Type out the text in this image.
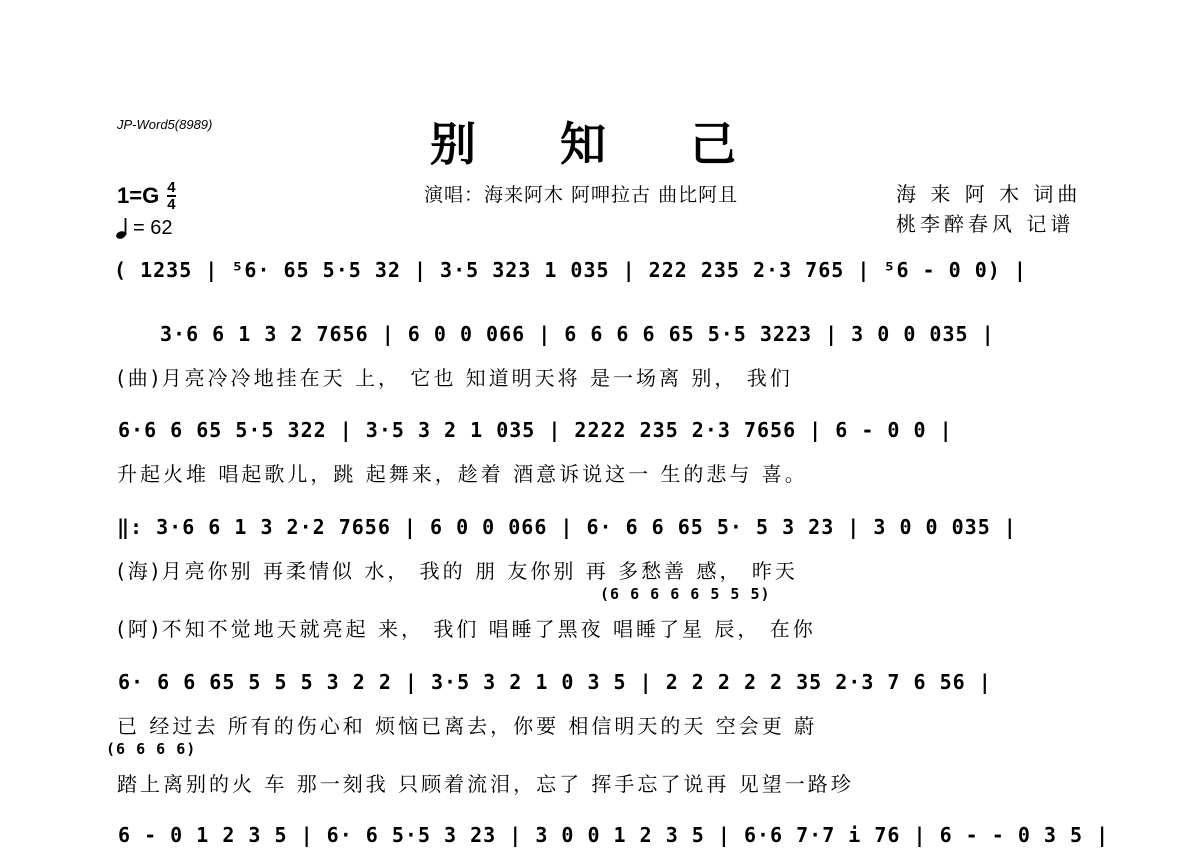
JP-Word5(8989)	别 知 己
1=G 4
4
= 62
演唱：海来阿木 阿呷拉古 曲比阿且	海 来 阿 木 词曲
桃李醉春风 记谱
( 1235 | ⁵6· 65 5·5 32 | 3·5 323 1 035 | 222 235 2·3 765 | ⁵6 - 0 0) |
3·6 6 1 3 2 7656 | 6 0 0 066 | 6 6 6 6 65 5·5 3223 | 3 0 0 035 |
(曲)月亮冷冷地挂在天 上， 它也 知道明天将 是一场离 别， 我们
6·6 6 65 5·5 322 | 3·5 3 2 1 035 | 2222 235 2·3 7656 | 6 - 0 0 |
升起火堆 唱起歌儿，跳 起舞来，趁着 酒意诉说这一 生的悲与 喜。
‖: 3·6 6 1 3 2·2 7656 | 6 0 0 066 | 6· 6 6 65 5· 5 3 23 | 3 0 0 035 |
(海)月亮你别 再柔情似 水， 我的 朋 友你别 再 多愁善 感， 昨天
(6 6 6 6 6 5 5 5)
(阿)不知不觉地天就亮起 来， 我们 唱睡了黑夜 唱睡了星 辰， 在你
6· 6 6 65 5 5 5 3 2 2 | 3·5 3 2 1 0 3 5 | 2 2 2 2 2 35 2·3 7 6 56 |
已 经过去 所有的伤心和 烦恼已离去，你要 相信明天的天 空会更 蔚
(6 6 6 6)
踏上离别的火 车 那一刻我 只顾着流泪，忘了 挥手忘了说再 见望一路珍
6 - 0 1 2 3 5 | 6· 6 5·5 3 23 | 3 0 0 1 2 3 5 | 6·6 7·7 i 76 | 6 - - 0 3 5 |
